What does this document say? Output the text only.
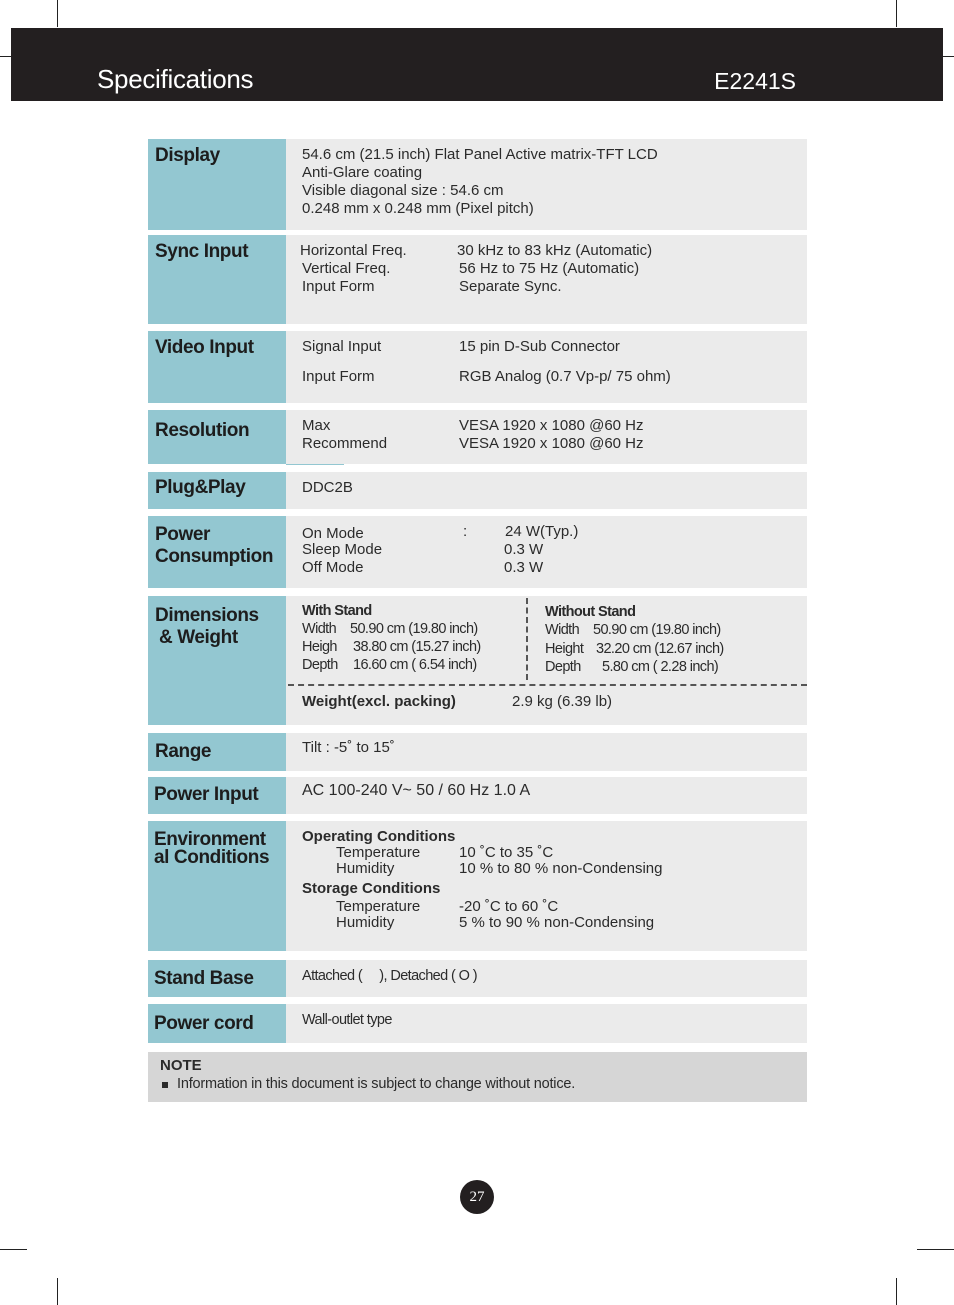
Specifications	E2241S
Display	54.6 cm (21.5 inch) Flat Panel Active matrix-TFT LCD
Anti-Glare coating
Visible diagonal size : 54.6 cm
0.248 mm x 0.248 mm (Pixel pitch)
Sync Input	Horizontal Freq.	30 kHz to 83 kHz (Automatic)
Vertical Freq.	56 Hz to 75 Hz (Automatic)
Input Form	Separate Sync.
Video Input	Signal Input	15 pin D-Sub Connector
Input Form	RGB Analog (0.7 Vp-p/ 75 ohm)
Resolution	Max	VESA 1920 x 1080 @60 Hz
Recommend	VESA 1920 x 1080 @60 Hz
Plug&Play	DDC2B
Power
Consumption
On Mode	:	24 W(Typ.)
Sleep Mode	0.3 W
Off Mode	0.3 W
Dimensions
& Weight
With Stand
Width 50.90 cm (19.80 inch)
Heigh 38.80 cm (15.27 inch)
Depth 16.60 cm ( 6.54 inch)
Without Stand
Width 50.90 cm (19.80 inch)
Height 32.20 cm (12.67 inch)
Depth 5.80 cm ( 2.28 inch)
Weight(excl. packing)	2.9 kg (6.39 lb)
Range	Tilt : -5˚ to 15˚
Power Input	AC 100-240 V~ 50 / 60 Hz 1.0 A
Environment
al Conditions
Operating Conditions
Temperature	10 ˚C to 35 ˚C
Humidity	10 % to 80 % non-Condensing
Storage Conditions
Temperature	-20 ˚C to 60 ˚C
Humidity	5 % to 90 % non-Condensing
Stand Base	Attached (     ), Detached ( O )
Power cord	Wall-outlet type
NOTE
Information in this document is subject to change without notice.
27
